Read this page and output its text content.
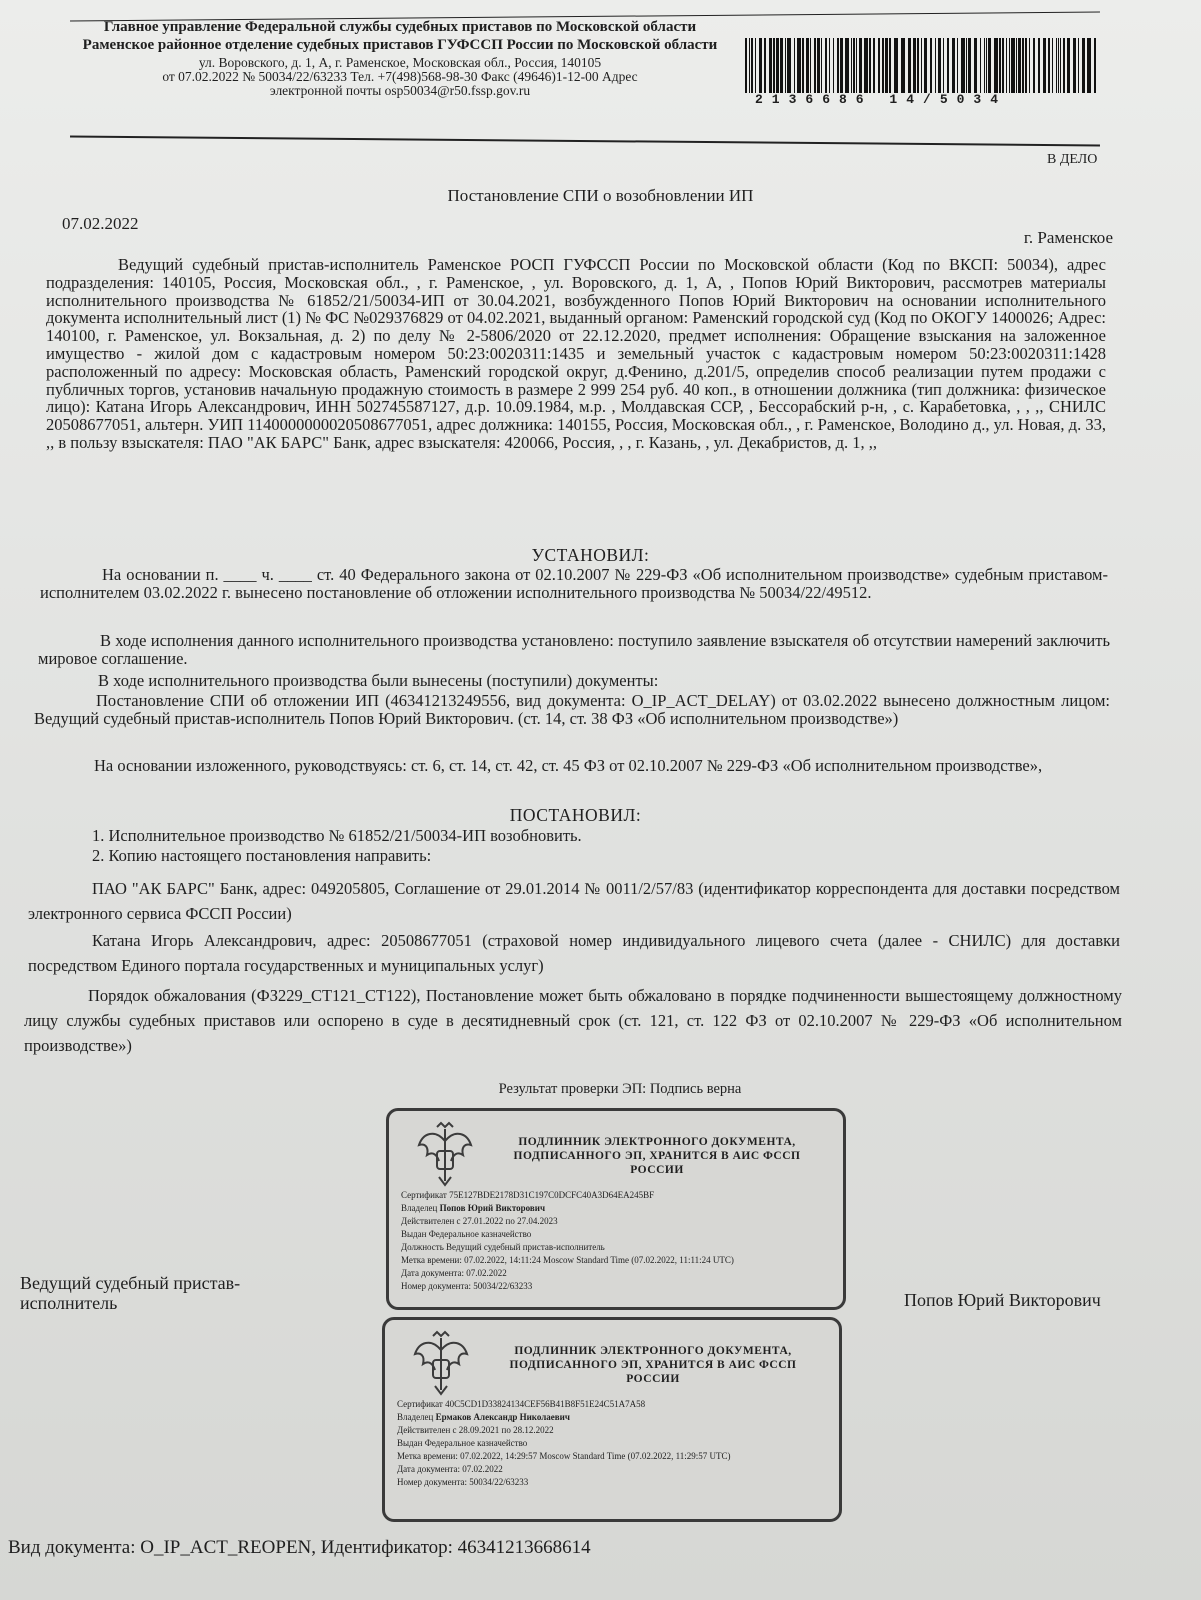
Главное управление Федеральной службы судебных приставов по Московской области
Раменское районное отделение судебных приставов ГУФССП России по Московской области
ул. Воровского, д. 1, А, г. Раменское, Московская обл., Россия, 140105
от 07.02.2022 № 50034/22/63233 Тел. +7(498)568-98-30 Факс (49646)1-12-00 Адрес
электронной почты osp50034@r50.fssp.gov.ru
2136686 14/5034
В ДЕЛО
Постановление СПИ о возобновлении ИП
07.02.2022
г. Раменское

Ведущий судебный пристав-исполнитель Раменское РОСП ГУФССП России по Московской области (Код по ВКСП: 50034), адрес подразделения: 140105, Россия, Московская обл., , г. Раменское, , ул. Воровского, д. 1, А, , Попов Юрий Викторович, рассмотрев материалы исполнительного производства № 61852/21/50034-ИП от 30.04.2021, возбужденного Попов Юрий Викторович на основании исполнительного документа исполнительный лист (1) № ФС №029376829 от 04.02.2021, выданный органом: Раменский городской суд (Код по ОКОГУ 1400026; Адрес: 140100, г. Раменское, ул. Вокзальная, д. 2) по делу № 2-5806/2020 от 22.12.2020, предмет исполнения: Обращение взыскания на заложенное имущество - жилой дом с кадастровым номером 50:23:0020311:1435 и земельный участок с кадастровым номером 50:23:0020311:1428 расположенный по адресу: Московская область, Раменский городской округ, д.Фенино, д.201/5, определив способ реализации путем продажи с публичных торгов, установив начальную продажную стоимость в размере 2 999 254 руб. 40 коп., в отношении должника (тип должника: физическое лицо): Катана Игорь Александрович, ИНН 502745587127, д.р. 10.09.1984, м.р. , Молдавская ССР, , Бессорабский р-н, , с. Карабетовка, , , ,, СНИЛС 20508677051, альтерн. УИП 1140000000020508677051, адрес должника: 140155, Россия, Московская обл., , г. Раменское, Володино д., ул. Новая, д. 33, ,, в пользу взыскателя: ПАО "АК БАРС" Банк, адрес взыскателя: 420066, Россия, , , г. Казань, , ул. Декабристов, д. 1, ,,

УСТАНОВИЛ:

На основании п. ____ ч. ____ ст. 40 Федерального закона от 02.10.2007 № 229-ФЗ «Об исполнительном производстве» судебным приставом-исполнителем 03.02.2022 г. вынесено постановление об отложении исполнительного производства № 50034/22/49512.

В ходе исполнения данного исполнительного производства установлено: поступило заявление взыскателя об отсутствии намерений заключить мировое соглашение.

В ходе исполнительного производства были вынесены (поступили) документы:

Постановление СПИ об отложении ИП (46341213249556, вид документа: O_IP_ACT_DELAY) от 03.02.2022 вынесено должностным лицом: Ведущий судебный пристав-исполнитель Попов Юрий Викторович. (ст. 14, ст. 38 ФЗ «Об исполнительном производстве»)

На основании изложенного, руководствуясь: ст. 6, ст. 14, ст. 42, ст. 45 ФЗ от 02.10.2007 № 229-ФЗ «Об исполнительном производстве»,

ПОСТАНОВИЛ:

1. Исполнительное производство № 61852/21/50034-ИП возобновить.

2. Копию настоящего постановления направить:

ПАО "АК БАРС" Банк, адрес: 049205805, Соглашение от 29.01.2014 № 0011/2/57/83 (идентификатор корреспондента для доставки посредством электронного сервиса ФССП России)

Катана Игорь Александрович, адрес: 20508677051 (страховой номер индивидуального лицевого счета (далее - СНИЛС) для доставки посредством Единого портала государственных и муниципальных услуг)

Порядок обжалования (ФЗ229_СТ121_СТ122), Постановление может быть обжаловано в порядке подчиненности вышестоящему должностному лицу службы судебных приставов или оспорено в суде в десятидневный срок (ст. 121, ст. 122 ФЗ от 02.10.2007 № 229-ФЗ «Об исполнительном производстве»)

Результат проверки ЭП: Подпись верна
ПОДЛИННИК ЭЛЕКТРОННОГО ДОКУМЕНТА, ПОДПИСАННОГО ЭП, ХРАНИТСЯ В АИС ФССП РОССИИ
Сертификат 75E127BDE2178D31C197C0DCFC40A3D64EA245BF
Владелец Попов Юрий Викторович
Действителен с 27.01.2022 по 27.04.2023
Выдан Федеральное казначейство
Должность Ведущий судебный пристав-исполнитель
Метка времени: 07.02.2022, 14:11:24 Moscow Standard Time (07.02.2022, 11:11:24 UTC)
Дата документа: 07.02.2022
Номер документа: 50034/22/63233
ПОДЛИННИК ЭЛЕКТРОННОГО ДОКУМЕНТА, ПОДПИСАННОГО ЭП, ХРАНИТСЯ В АИС ФССП РОССИИ
Сертификат 40C5CD1D33824134CEF56B41B8F51E24C51A7A58
Владелец Ермаков Александр Николаевич
Действителен с 28.09.2021 по 28.12.2022
Выдан Федеральное казначейство
Метка времени: 07.02.2022, 14:29:57 Moscow Standard Time (07.02.2022, 11:29:57 UTC)
Дата документа: 07.02.2022
Номер документа: 50034/22/63233
Ведущий судебный пристав-исполнитель	Попов Юрий Викторович
Вид документа: O_IP_ACT_REOPEN, Идентификатор: 46341213668614
